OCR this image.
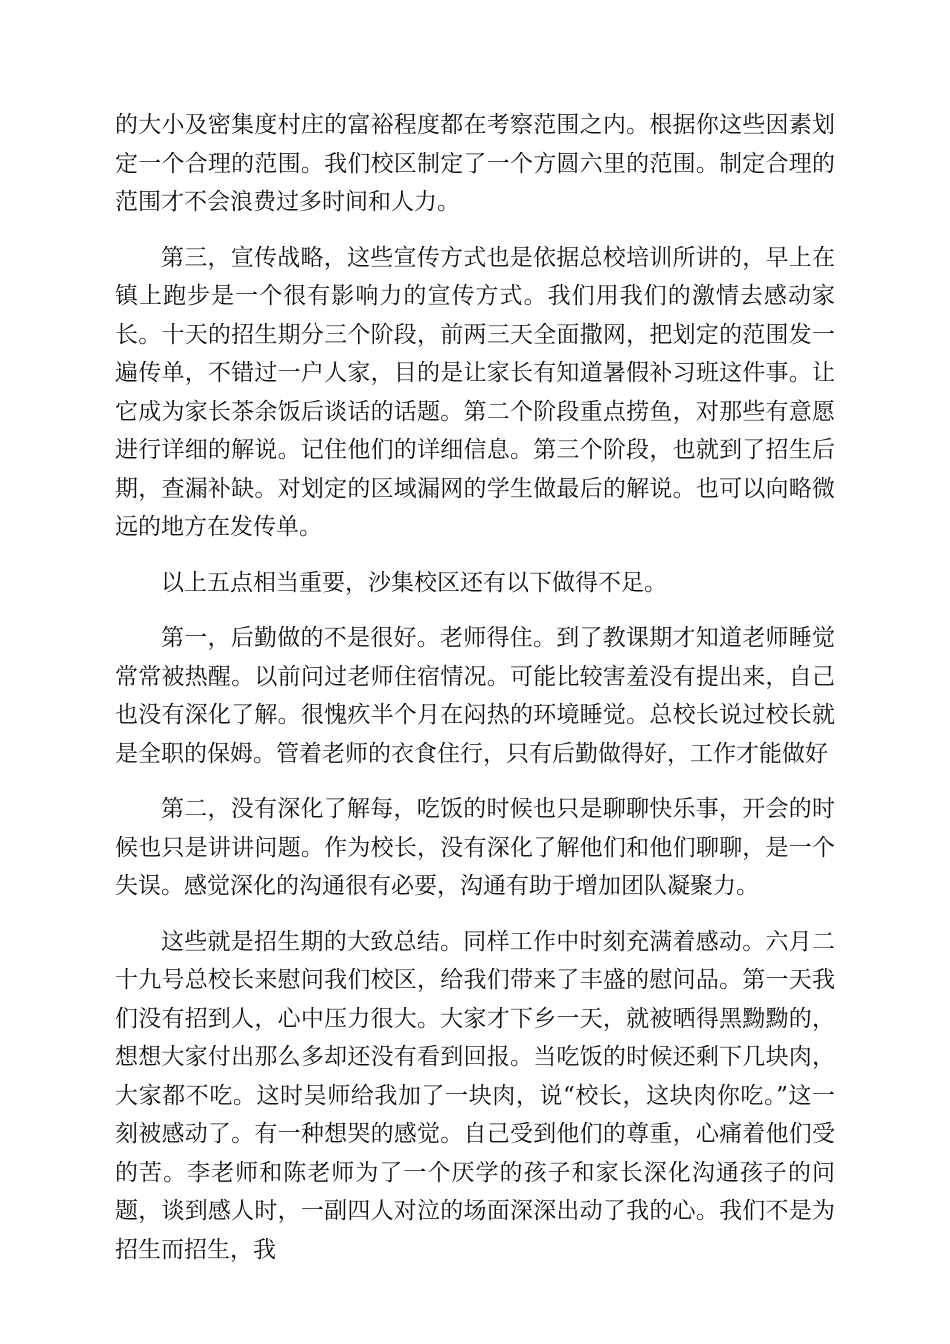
的大小及密集度村庄的富裕程度都在考察范围之内。根据你这些因素划定一个合理的范围。我们校区制定了一个方圆六里的范围。制定合理的范围才不会浪费过多时间和人力。

第三，宣传战略，这些宣传方式也是依据总校培训所讲的，早上在镇上跑步是一个很有影响力的宣传方式。我们用我们的激情去感动家长。十天的招生期分三个阶段，前两三天全面撒网，把划定的范围发一遍传单，不错过一户人家，目的是让家长有知道暑假补习班这件事。让它成为家长茶余饭后谈话的话题。第二个阶段重点捞鱼，对那些有意愿进行详细的解说。记住他们的详细信息。第三个阶段，也就到了招生后期，查漏补缺。对划定的区域漏网的学生做最后的解说。也可以向略微远的地方在发传单。

以上五点相当重要，沙集校区还有以下做得不足。

第一，后勤做的不是很好。老师得住。到了教课期才知道老师睡觉常常被热醒。以前问过老师住宿情况。可能比较害羞没有提出来，自己也没有深化了解。很愧疚半个月在闷热的环境睡觉。总校长说过校长就是全职的保姆。管着老师的衣食住行，只有后勤做得好，工作才能做好

第二，没有深化了解每，吃饭的时候也只是聊聊快乐事，开会的时候也只是讲讲问题。作为校长，没有深化了解他们和他们聊聊，是一个失误。感觉深化的沟通很有必要，沟通有助于增加团队凝聚力。

这些就是招生期的大致总结。同样工作中时刻充满着感动。六月二十九号总校长来慰问我们校区，给我们带来了丰盛的慰问品。第一天我们没有招到人，心中压力很大。大家才下乡一天，就被晒得黑黝黝的，想想大家付出那么多却还没有看到回报。当吃饭的时候还剩下几块肉，大家都不吃。这时吴师给我加了一块肉，说“校长，这块肉你吃。”这一刻被感动了。有一种想哭的感觉。自己受到他们的尊重，心痛着他们受的苦。李老师和陈老师为了一个厌学的孩子和家长深化沟通孩子的问题，谈到感人时，一副四人对泣的场面深深出动了我的心。我们不是为招生而招生，我
